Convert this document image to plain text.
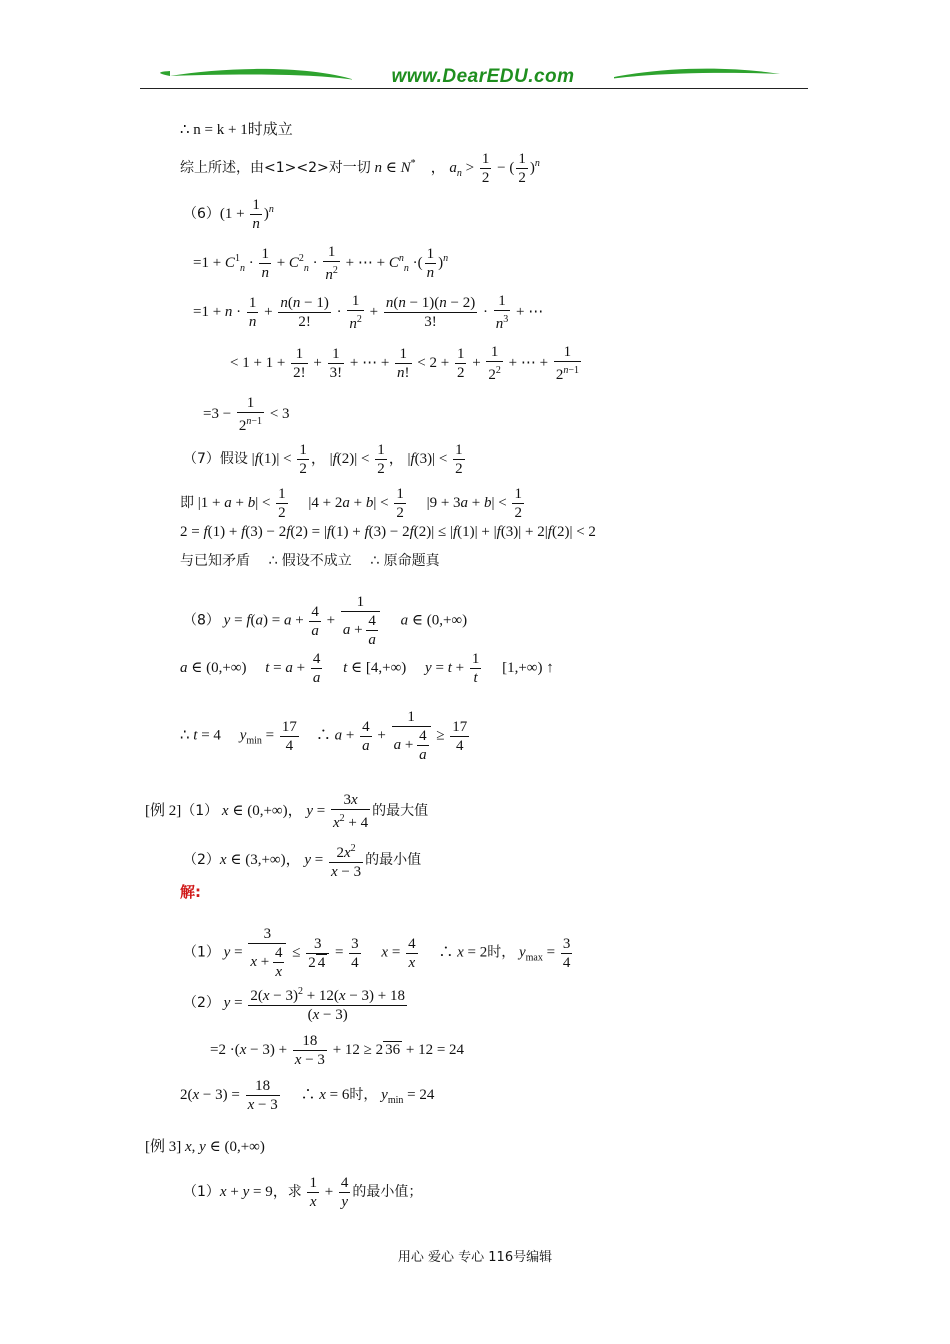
www.DearEDU.com
∴ n = k + 1时成立
综上所述，由<1><2>对一切 n ∈ N*　， $a_n > \frac{1}{2}$ − ( $\frac{1}{2} )^n$
$(6)(1 + \frac{1}{n} )^n$
$=1 + C^1_n \cdot \frac{1}{n} + C^2_n \cdot \frac{1}{n^2}$ + ⋯ + $C^n_n$ ·( $\frac{1}{n} )^n$
$=1 + n \cdot \frac{1}{n} + \frac{n(n - 1)}{2!} \cdot \frac{1}{n^2} + \frac{n(n - 1)(n - 2)}{3!} \cdot \frac{1}{n^3}$ + ⋯
< $1 + 1 + \frac{1}{2!} + \frac{1}{3!}$ + ⋯ + $\frac{1}{n!} < 2 + \frac{1}{2} + \frac{1}{2^2}$ + ⋯ + $\frac{1}{2^{n-1}}$
$=3 - \frac{1}{2^{n-1}} < 3$
（7）假设 $|f(1)| < \frac{1}{2}$ ， $|f(2)| < \frac{1}{2}$ ， $|f(3)| < \frac{1}{2}$
即 $|1 + a + b| < \frac{1}{2}$ 　 $|4 + 2a + b| < \frac{1}{2}$ 　 $|9 + 3a + b| < \frac{1}{2}$
2 = f(1) + f(3) − 2f(2) = |f(1) + f(3) − 2f(2)| ≤ |f(1)| + |f(3)| + 2|f(2)| < 2
与已知矛盾　 ∴ 假设不成立　 ∴ 原命题真
（8） $y = f(a) = a + \frac{4}{a} + \frac{1}{a + \frac{4}{a}}$
　 a ∈ (0,+∞)
a ∈ (0,+∞)　 $t = a + \frac{4}{a}$
　 t ∈ [4,+∞)　 $y = t + \frac{1}{t}$ 　 [1,+∞) ↑
∴ t = 4　 $y_{min} = \frac{17}{4}$ 　∴ $a + \frac{4}{a} + \frac{1}{a + \frac{4}{a}} \ge \frac{17}{4}$
[例 2]（1） x ∈ (0,+∞)， $y = \frac{3x}{x^2 + 4}$ 的最大值
（2）x ∈ (3,+∞)， $y = \frac{2x^2}{x - 3}$ 的最小值
解:
（1） $y = \frac{3}{x + \frac{4}{x}} \le \frac{3}{2 4} = \frac{3}{4}$
　 $x = \frac{4}{x}$ 　 ∴ x = 2时， $y_{max} = \frac{3}{4}$
（2） $y = \frac{2(x - 3)^2 + 12(x - 3) + 18}{(x - 3)}$
$=2 \cdot(x - 3) + \frac{18}{x - 3} + 12 \ge 2$ 36 + 12 = 24
$2(x - 3) = \frac{18}{x - 3}$ 　 ∴ x = 6时， $y_{min} = 24$
[例 3] x, y ∈ (0,+∞)
（1）x + y = 9，求 $\frac{1}{x} + \frac{4}{y}$ 的最小值；
用心 爱心 专心 116号编辑
